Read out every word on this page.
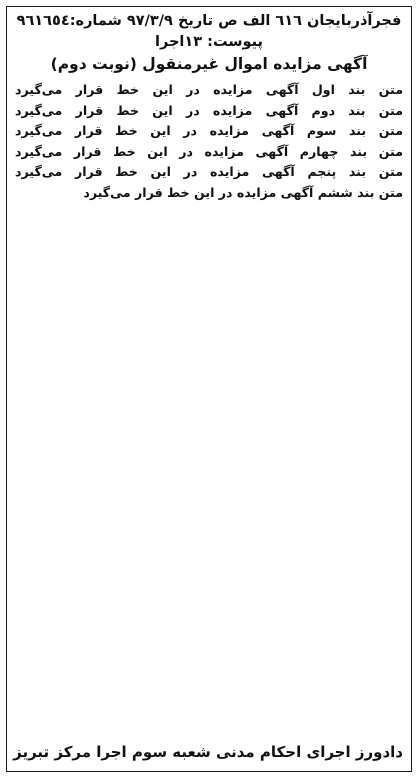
فجرآذربایجان ٦١٦ الف ص تاریخ ٩٧/٣/٩ شماره:٩٦١٦٥٤
پیوست: ١٣اجرا
آگهی مزایده اموال غیرمنقول (نوبت دوم)
متن بند اول آگهی مزایده در این خط قرار می‌گیرد
متن بند دوم آگهی مزایده در این خط قرار می‌گیرد
متن بند سوم آگهی مزایده در این خط قرار می‌گیرد
متن بند چهارم آگهی مزایده در این خط قرار می‌گیرد
متن بند پنجم آگهی مزایده در این خط قرار می‌گیرد
متن بند ششم آگهی مزایده در این خط قرار می‌گیرد
دادورز اجرای احکام مدنی شعبه سوم اجرا مرکز تبریز
